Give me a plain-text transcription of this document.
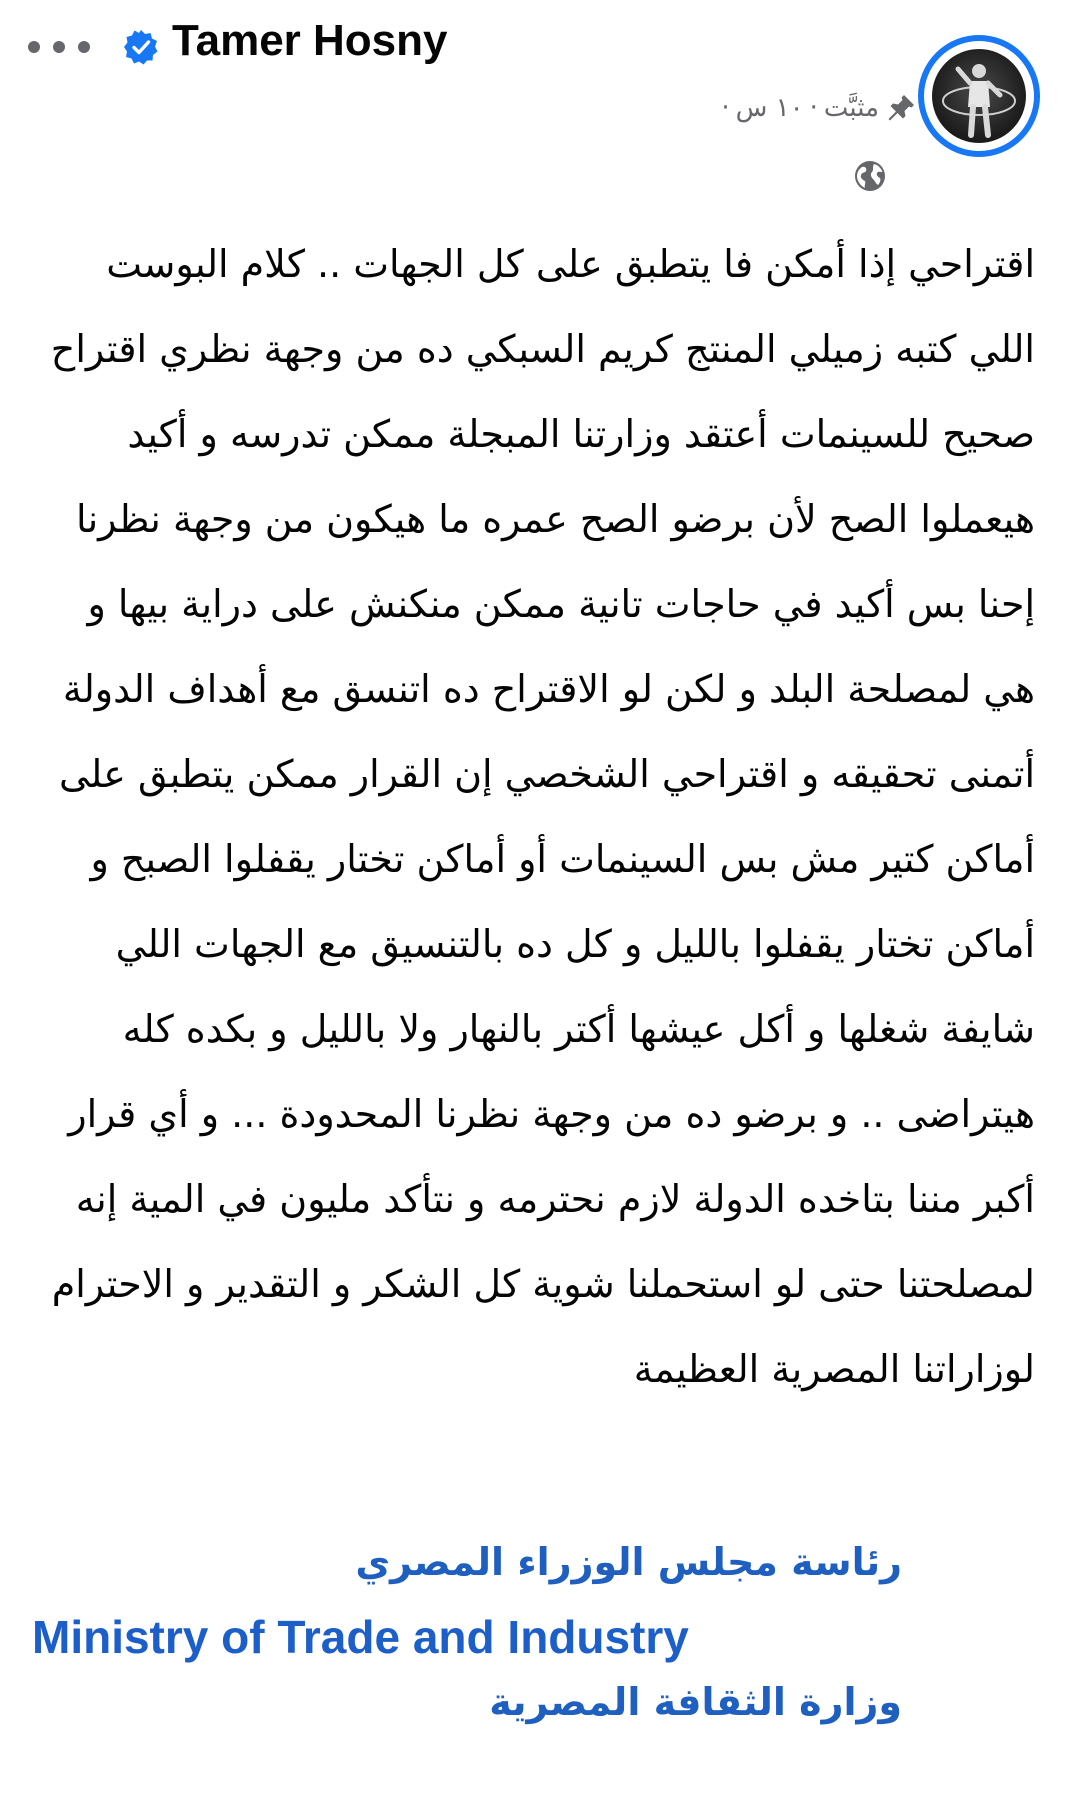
Tamer Hosny
مثبَّت
·
١٠ س
·
اقتراحي إذا أمكن فا يتطبق على كل الجهات .. كلام البوست اللي كتبه زميلي المنتج كريم السبكي ده من وجهة نظري اقتراح صحيح للسينمات أعتقد وزارتنا المبجلة ممكن تدرسه و أكيد هيعملوا الصح لأن برضو الصح عمره ما هيكون من وجهة نظرنا إحنا بس أكيد في حاجات تانية ممكن منكنش على دراية بيها و هي لمصلحة البلد و لكن لو الاقتراح ده اتنسق مع أهداف الدولة أتمنى تحقيقه و اقتراحي الشخصي إن القرار ممكن يتطبق على أماكن كتير مش بس السينمات أو أماكن تختار يقفلوا الصبح و أماكن تختار يقفلوا بالليل و كل ده بالتنسيق مع الجهات اللي شايفة شغلها و أكل عيشها أكتر بالنهار ولا بالليل و بكده كله هيتراضى .. و برضو ده من وجهة نظرنا المحدودة ... و أي قرار أكبر مننا بتاخده الدولة لازم نحترمه و نتأكد مليون في المية إنه لمصلحتنا حتى لو استحملنا شوية كل الشكر و التقدير و الاحترام لوزاراتنا المصرية العظيمة
رئاسة مجلس الوزراء المصري
Ministry of Trade and Industry
وزارة الثقافة المصرية
